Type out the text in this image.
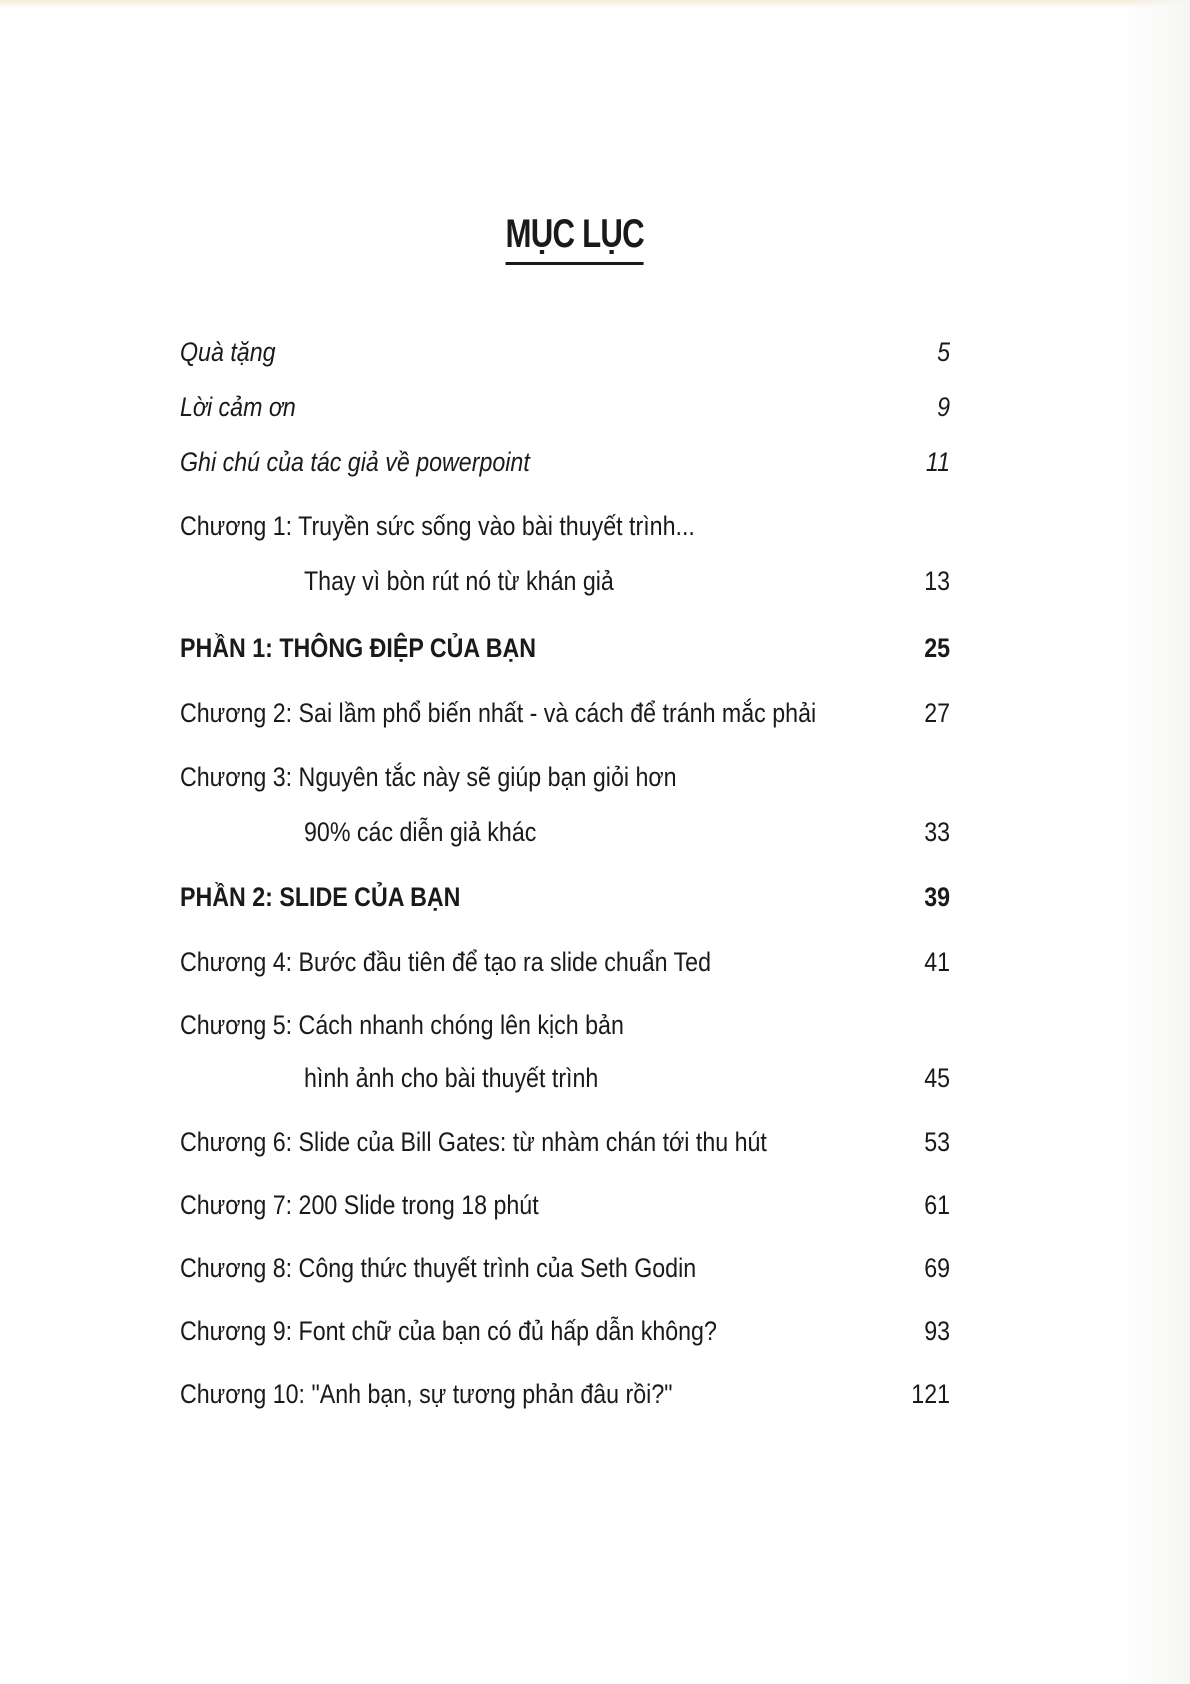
MỤC LỤC
Quà tặng	5
Lời cảm ơn	9
Ghi chú của tác giả về powerpoint	11
Chương 1: Truyền sức sống vào bài thuyết trình...
Thay vì bòn rút nó từ khán giả	13
PHẦN 1: THÔNG ĐIỆP CỦA BẠN	25
Chương 2: Sai lầm phổ biến nhất - và cách để tránh mắc phải	27
Chương 3: Nguyên tắc này sẽ giúp bạn giỏi hơn
90% các diễn giả khác	33
PHẦN 2: SLIDE CỦA BẠN	39
Chương 4: Bước đầu tiên để tạo ra slide chuẩn Ted	41
Chương 5: Cách nhanh chóng lên kịch bản
hình ảnh cho bài thuyết trình	45
Chương 6: Slide của Bill Gates: từ nhàm chán tới thu hút	53
Chương 7: 200 Slide trong 18 phút	61
Chương 8: Công thức thuyết trình của Seth Godin	69
Chương 9: Font chữ của bạn có đủ hấp dẫn không?	93
Chương 10: "Anh bạn, sự tương phản đâu rồi?"	121
